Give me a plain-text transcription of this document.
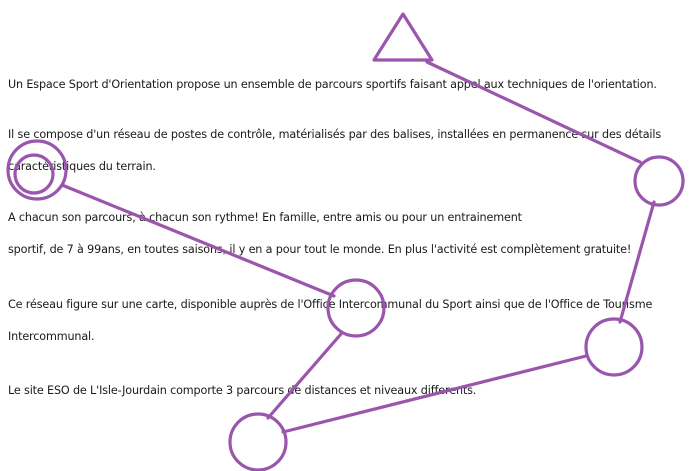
Un Espace Sport d'Orientation propose un ensemble de parcours sportifs faisant appel aux techniques de l'orientation.

Il se compose d'un réseau de postes de contrôle, matérialisés par des balises, installées en permanence sur des détails

caractéristiques du terrain.

A chacun son parcours, à chacun son rythme! En famille, entre amis ou pour un entrainement

sportif, de 7 à 99ans, en toutes saisons, il y en a pour tout le monde. En plus l'activité est complètement gratuite!

Ce réseau figure sur une carte, disponible auprès de l'Office Intercommunal du Sport ainsi que de l'Office de Tourisme

Intercommunal.

Le site ESO de L'Isle-Jourdain comporte 3 parcours de distances et niveaux differents.
